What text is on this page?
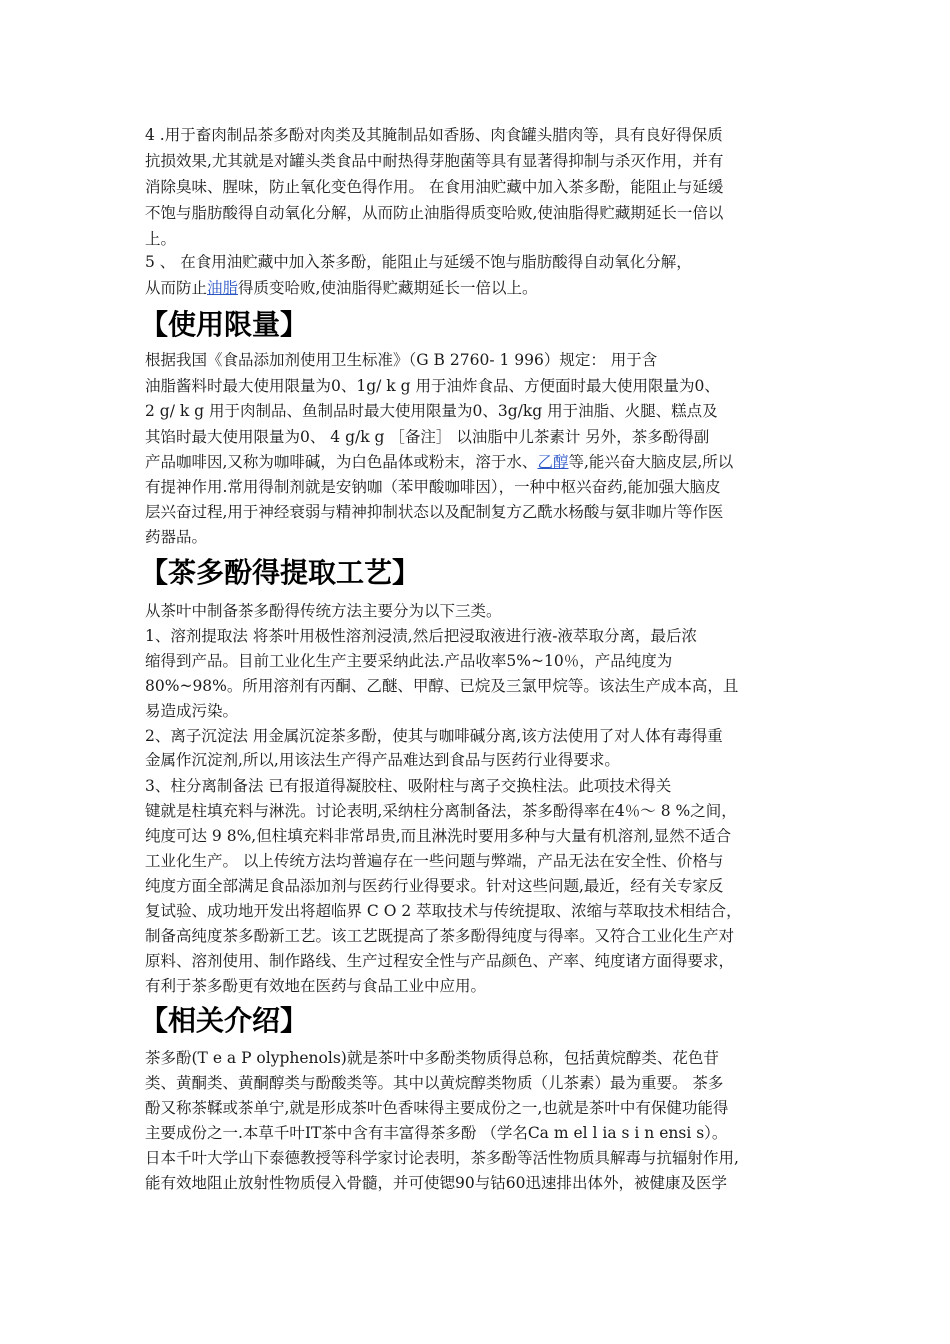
4 .用于畜肉制品茶多酚对肉类及其腌制品如香肠、肉食罐头腊肉等，具有良好得保质
抗损效果,尤其就是对罐头类食品中耐热得芽胞菌等具有显著得抑制与杀灭作用，并有
消除臭味、腥味，防止氧化变色得作用。 在食用油贮藏中加入茶多酚，能阻止与延缓
不饱与脂肪酸得自动氧化分解，从而防止油脂得质变哈败,使油脂得贮藏期延长一倍以
上。
5 、 在食用油贮藏中加入茶多酚，能阻止与延缓不饱与脂肪酸得自动氧化分解，
从而防止油脂得质变哈败,使油脂得贮藏期延长一倍以上。
【使用限量】
根据我国《食品添加剂使用卫生标准》（G B 2760- 1 996）规定： 用于含
油脂酱料时最大使用限量为0、1g/ k g 用于油炸食品、方便面时最大使用限量为0、
2 g/ k g 用于肉制品、鱼制品时最大使用限量为0、3g/kg 用于油脂、火腿、糕点及
其馅时最大使用限量为0、 4 g/k g ［备注］ 以油脂中儿茶素计 另外，茶多酚得副
产品咖啡因,又称为咖啡碱，为白色晶体或粉末，溶于水、乙醇等,能兴奋大脑皮层,所以
有提神作用.常用得制剂就是安钠咖（苯甲酸咖啡因），一种中枢兴奋药,能加强大脑皮
层兴奋过程,用于神经衰弱与精神抑制状态以及配制复方乙酰水杨酸与氨非咖片等作医
药器品。
【茶多酚得提取工艺】
从茶叶中制备茶多酚得传统方法主要分为以下三类。
1、溶剂提取法 将茶叶用极性溶剂浸渍,然后把浸取液进行液-液萃取分离，最后浓
缩得到产品。目前工业化生产主要采纳此法.产品收率5%~10％，产品纯度为
80%~98%。所用溶剂有丙酮、乙醚、甲醇、已烷及三氯甲烷等。该法生产成本高，且
易造成污染。
2、离子沉淀法 用金属沉淀茶多酚，使其与咖啡碱分离,该方法使用了对人体有毒得重
金属作沉淀剂,所以,用该法生产得产品难达到食品与医药行业得要求。
3、柱分离制备法 已有报道得凝胶柱、吸附柱与离子交换柱法。此项技术得关
键就是柱填充料与淋洗。讨论表明,采纳柱分离制备法，茶多酚得率在4％～ 8 %之间，
纯度可达 9 8%,但柱填充料非常昂贵,而且淋洗时要用多种与大量有机溶剂,显然不适合
工业化生产。 以上传统方法均普遍存在一些问题与弊端，产品无法在安全性、价格与
纯度方面全部满足食品添加剂与医药行业得要求。针对这些问题,最近，经有关专家反
复试验、成功地开发出将超临界 C O 2 萃取技术与传统提取、浓缩与萃取技术相结合，
制备高纯度茶多酚新工艺。该工艺既提高了茶多酚得纯度与得率。又符合工业化生产对
原料、溶剂使用、制作路线、生产过程安全性与产品颜色、产率、纯度诸方面得要求，
有利于茶多酚更有效地在医药与食品工业中应用。
【相关介绍】
茶多酚(T e a P olyphenols)就是茶叶中多酚类物质得总称，包括黄烷醇类、花色苷
类、黄酮类、黄酮醇类与酚酸类等。其中以黄烷醇类物质（儿茶素）最为重要。 茶多
酚又称茶鞣或茶单宁,就是形成茶叶色香味得主要成份之一,也就是茶叶中有保健功能得
主要成份之一.本草千叶IT茶中含有丰富得茶多酚 （学名Ca m el l ia s i n ensi s）。
日本千叶大学山下泰德教授等科学家讨论表明，茶多酚等活性物质具解毒与抗辐射作用,
能有效地阻止放射性物质侵入骨髓，并可使锶90与钴60迅速排出体外，被健康及医学
